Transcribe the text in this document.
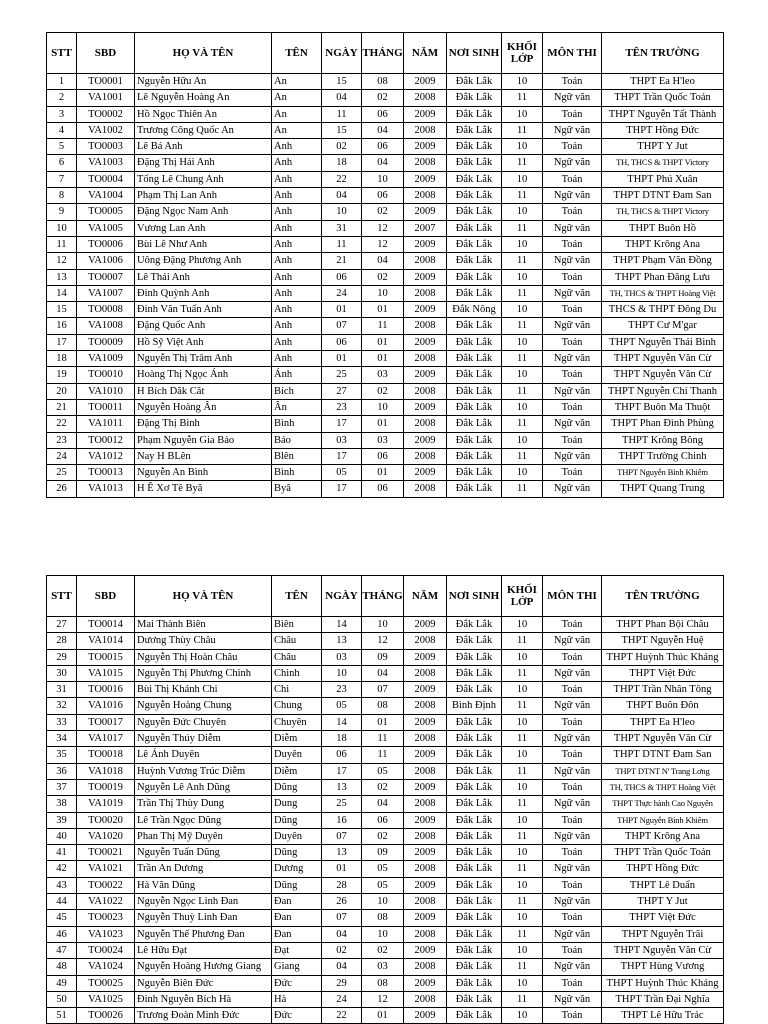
STT	SBD	HỌ VÀ TÊN	TÊN	NGÀY	THÁNG	NĂM	NƠI SINH	KHỐI LỚP	MÔN THI	TÊN TRƯỜNG
1	TO0001	Nguyễn Hữu An	An	15	08	2009	Đắk Lắk	10	Toán	THPT Ea H'leo
2	VA1001	Lê Nguyễn Hoàng An	An	04	02	2008	Đắk Lắk	11	Ngữ văn	THPT Trần Quốc Toản
3	TO0002	Hồ Ngọc Thiên An	An	11	06	2009	Đắk Lắk	10	Toán	THPT Nguyễn Tất Thành
4	VA1002	Trương Công Quốc An	An	15	04	2008	Đắk Lắk	11	Ngữ văn	THPT Hồng Đức
5	TO0003	Lê Bá Anh	Anh	02	06	2009	Đắk Lắk	10	Toán	THPT Y Jut
6	VA1003	Đặng Thị Hải Anh	Anh	18	04	2008	Đắk Lắk	11	Ngữ văn	TH, THCS & THPT Victory
7	TO0004	Tống Lê Chung Anh	Anh	22	10	2009	Đắk Lắk	10	Toán	THPT Phú Xuân
8	VA1004	Phạm Thị Lan Anh	Anh	04	06	2008	Đắk Lắk	11	Ngữ văn	THPT DTNT Đam San
9	TO0005	Đặng Ngọc Nam Anh	Anh	10	02	2009	Đắk Lắk	10	Toán	TH, THCS & THPT Victory
10	VA1005	Vương Lan Anh	Anh	31	12	2007	Đắk Lắk	11	Ngữ văn	THPT Buôn Hồ
11	TO0006	Bùi Lê Như Anh	Anh	11	12	2009	Đắk Lắk	10	Toán	THPT Krông Ana
12	VA1006	Uông Đặng Phương Anh	Anh	21	04	2008	Đắk Lắk	11	Ngữ văn	THPT Phạm Văn Đồng
13	TO0007	Lê Thái Anh	Anh	06	02	2009	Đắk Lắk	10	Toán	THPT Phan Đăng Lưu
14	VA1007	Đinh Quỳnh Anh	Anh	24	10	2008	Đắk Lắk	11	Ngữ văn	TH, THCS & THPT Hoàng Việt
15	TO0008	Đinh Văn Tuấn Anh	Anh	01	01	2009	Đắk Nông	10	Toán	THCS & THPT Đông Du
16	VA1008	Đặng Quốc Anh	Anh	07	11	2008	Đắk Lắk	11	Ngữ văn	THPT Cư M'gar
17	TO0009	Hồ Sỹ Việt Anh	Anh	06	01	2009	Đắk Lắk	10	Toán	THPT Nguyễn Thái Bình
18	VA1009	Nguyễn Thị Trâm Anh	Anh	01	01	2008	Đắk Lắk	11	Ngữ văn	THPT Nguyễn Văn Cừ
19	TO0010	Hoàng Thị Ngọc Ánh	Ánh	25	03	2009	Đắk Lắk	10	Toán	THPT Nguyễn Văn Cừ
20	VA1010	H Bích Dăk Căt	Bích	27	02	2008	Đắk Lắk	11	Ngữ văn	THPT Nguyễn Chí Thanh
21	TO0011	Nguyễn Hoàng Ân	Ân	23	10	2009	Đắk Lắk	10	Toán	THPT Buôn Ma Thuột
22	VA1011	Đặng Thị Bình	Bình	17	01	2008	Đắk Lắk	11	Ngữ văn	THPT Phan Đình Phùng
23	TO0012	Phạm Nguyễn Gia Bảo	Bảo	03	03	2009	Đắk Lắk	10	Toán	THPT Krông Bông
24	VA1012	Nay H BLên	Blên	17	06	2008	Đắk Lắk	11	Ngữ văn	THPT Trường Chinh
25	TO0013	Nguyễn An Bình	Bình	05	01	2009	Đắk Lắk	10	Toán	THPT Nguyễn Bỉnh Khiêm
26	VA1013	H Ê Xơ Tê Byă	Byă	17	06	2008	Đắk Lắk	11	Ngữ văn	THPT Quang Trung
STT	SBD	HỌ VÀ TÊN	TÊN	NGÀY	THÁNG	NĂM	NƠI SINH	KHỐI LỚP	MÔN THI	TÊN TRƯỜNG
27	TO0014	Mai Thành Biên	Biên	14	10	2009	Đắk Lắk	10	Toán	THPT Phan Bội Châu
28	VA1014	Dương Thùy Châu	Châu	13	12	2008	Đắk Lắk	11	Ngữ văn	THPT Nguyễn Huệ
29	TO0015	Nguyễn Thị Hoàn Châu	Châu	03	09	2009	Đắk Lắk	10	Toán	THPT Huỳnh Thúc Kháng
30	VA1015	Nguyễn Thị Phương Chinh	Chinh	10	04	2008	Đắk Lắk	11	Ngữ văn	THPT Việt Đức
31	TO0016	Bùi Thị Khánh Chi	Chi	23	07	2009	Đắk Lắk	10	Toán	THPT Trần Nhân Tông
32	VA1016	Nguyễn Hoàng Chung	Chung	05	08	2008	Bình Định	11	Ngữ văn	THPT Buôn Đôn
33	TO0017	Nguyễn Đức Chuyên	Chuyên	14	01	2009	Đắk Lắk	10	Toán	THPT Ea H'leo
34	VA1017	Nguyễn Thúy Diễm	Diễm	18	11	2008	Đắk Lắk	11	Ngữ văn	THPT Nguyễn Văn Cừ
35	TO0018	Lê Ánh Duyên	Duyên	06	11	2009	Đắk Lắk	10	Toán	THPT DTNT Đam San
36	VA1018	Huỳnh Vương Trúc Diễm	Diễm	17	05	2008	Đắk Lắk	11	Ngữ văn	THPT DTNT N' Trang Lơng
37	TO0019	Nguyễn Lê Anh Dũng	Dũng	13	02	2009	Đắk Lắk	10	Toán	TH, THCS & THPT Hoàng Việt
38	VA1019	Trần Thị Thùy Dung	Dung	25	04	2008	Đắk Lắk	11	Ngữ văn	THPT Thực hành Cao Nguyên
39	TO0020	Lê Trần Ngọc Dũng	Dũng	16	06	2009	Đắk Lắk	10	Toán	THPT Nguyễn Bỉnh Khiêm
40	VA1020	Phan Thị Mỹ Duyên	Duyên	07	02	2008	Đắk Lắk	11	Ngữ văn	THPT Krông Ana
41	TO0021	Nguyễn Tuấn Dũng	Dũng	13	09	2009	Đắk Lắk	10	Toán	THPT Trần Quốc Toản
42	VA1021	Trần An Dương	Dương	01	05	2008	Đắk Lắk	11	Ngữ văn	THPT Hồng Đức
43	TO0022	Hà Văn Dũng	Dũng	28	05	2009	Đắk Lắk	10	Toán	THPT Lê Duẩn
44	VA1022	Nguyễn Ngọc Linh Đan	Đan	26	10	2008	Đắk Lắk	11	Ngữ văn	THPT Y Jut
45	TO0023	Nguyễn Thuỳ Linh Đan	Đan	07	08	2009	Đắk Lắk	10	Toán	THPT Việt Đức
46	VA1023	Nguyễn Thế Phương Đan	Đan	04	10	2008	Đắk Lắk	11	Ngữ văn	THPT Nguyễn Trãi
47	TO0024	Lê Hữu Đạt	Đạt	02	02	2009	Đắk Lắk	10	Toán	THPT Nguyễn Văn Cừ
48	VA1024	Nguyễn Hoàng Hương Giang	Giang	04	03	2008	Đắk Lắk	11	Ngữ văn	THPT Hùng Vương
49	TO0025	Nguyễn Biên Đức	Đức	29	08	2009	Đắk Lắk	10	Toán	THPT Huỳnh Thúc Kháng
50	VA1025	Đinh Nguyễn Bích Hà	Hà	24	12	2008	Đắk Lắk	11	Ngữ văn	THPT Trần Đại Nghĩa
51	TO0026	Trương Đoàn Minh Đức	Đức	22	01	2009	Đắk Lắk	10	Toán	THPT Lê Hữu Trác
